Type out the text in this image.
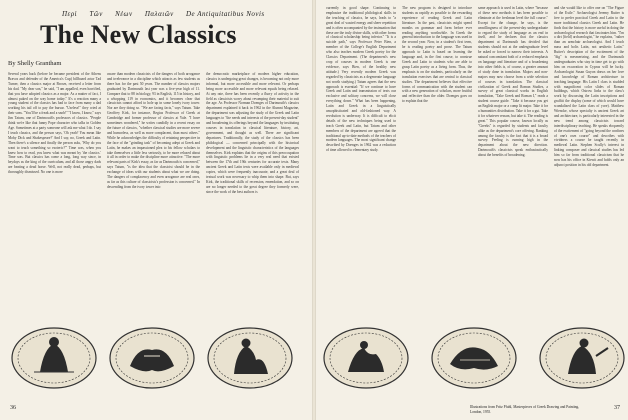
Περὶ Τῶν Νέων Παλαιῶν De Antiquitatibus Novis
The New Classics
By Shelly Grantham

Several years back (before he became president of the Athens Bravos and defender of the America's Cup) billboard actor Tad Turner, then a classics major at Brown, received a letter from his dad. "My dear son," he said, "I am appalled, even horrified, that you have adopted classics as a major. As a matter of fact, I almost puked on the way home today." It's a reaction many a young student of the classics has had to face from many a dad working his tail off to pay the bursar. "Useless!" they cried at their sons. "You'll be a freak and a snob!" "I know, I know," says Jim Tatum, one of Dartmouth's professors of classics. "People think we're like that funny Pope character who talks in Golden Age. Sometimes at a party someone will ask me what I do. I say I teach classics, and the person says, 'Oh yeah? You mean like Moby Dick and Shakespeare?' And I say, no, Greek and Latin. Then there's a silence and finally the person asks, 'Why do you want to teach something so esoteric?'" Time was, when you knew how to read, you knew what was meant by 'the classics.' Time was. But classics has come a long, long way since, in heydays as the king of the curriculum, and all those angry dads are beating a dead horse. Well, not really dead, perhaps, but thoroughly dismissed. No one is more

aware than modern classicists of the dangers of both arrogance and irrelevance in a discipline which attracts as few students as there has for the past 50 years. The number of classics majors graduated by Dartmouth last year was a five-year high of 11. Compare that to 88 in biology, 93 in English, 115 in history, and a whopping 119 in economics, and it becomes clear that classicists cannot afford to hole up in some lonely ivory tower. Nor are they doing so. "We are facing facts," says Tatum. Take Geoffrey Kirk, for instance, Regius Professor of Greek at Cambridge and former professor of classics at Yale. "I have sometimes wondered," he writes candidly in a recent essay on the future of classics, "whether classical studies are more severe and humorless, as well as more complacent, than most others." While he acknowledges the difficulty of retaining perspective in the face of the "grinding task" of becoming adept at Greek and Latin, he makes an impassioned plea to his fellow scholars to take themselves a little less seriously, to be more relaxed about it all in order to make the discipline more attractive. "The more relevant parts of Kirk's essay, as far as Dartmouth is concerned," says Tatum, "is the idea that the classicist should be in the exchange of ideas with our students about what we are doing. The dangers of complacency and even arrogance are real ones, as far as this culture of classicists's profession is concerned." In descending from the ivory tower into

the democratic marketplace of modern higher education, classics is undergoing great changes, is becoming not only more informal, but more accessible and more relevant. Or perhaps being more accessible and more relevant equals being relaxed. At any rate, there has been recently a flurry of activity in the field as classicists worry about revamping their material to suit the age. As Professor Norman Doenges of Dartmouth's classics department explained it back in 1962 in the Alumni Magazine, the department was adjusting the study of the Greek and Latin languages to "the needs and interests of the present-day student" and broadening its offerings beyond the languages by instituting courses in translation in classical literature, history, art, government, and thought as well. There are significant departures. Traditionally, the study of the classics has been philological — concerned principally with the historical development and the linguistic characteristics of the languages themselves. Kirk explains that the origins of this preoccupation with linguistic problems lie in a very real need that existed between the 17th and 19th centuries for accurate texts. Many ancient Greek and Latin texts were available only in medieval copies, which were frequently inaccurate, and a great deal of textual work was necessary to whip them into shape. But, says Kirk, the traditional skills of recension, emendation, and so on are no longer needed to the great degree they formerly were, since the work of the best authors is

36

currently in good shape. Continuing to emphasize the traditional philological skills in the teaching of classics, he says, leads to "a great deal of wasted energy and sheer repetition and is often accompanied by the insinuation that these are the truly divine skills, with other forms of classical scholarship being inferior." "It is a suicide path," says Professor Peter Bien, a member of the College's English Department who also teaches modern Greek poetry for the Classics Department. (The department's new crop of courses in modern Greek is one evidence, says Bien, of the healthy new attitude.) Very recently modern Greek was regarded by classicists as a degenerate language not worth studying.) Tatum agrees that the new approach is essential: "If we continue to have Greek and Latin and transmission of texts our exclusive and solitary concerns, we will close everything down." What has been happening, Latin and Greek in a linguistically unsophisticated and old-fashioned way. A revolution is underway. It is difficult to elicit details of the new techniques being used to teach Greek and Latin, but Tatum and other members of the department are agreed that the traditional up-to-date methods of the teachers of modern languages. The most significant change described by Doenges in 1962 was a reduction of time allowed to elementary study.

The new program is designed to introduce students as rapidly as possible to the rewarding experience of reading Greek and Latin literature. In the past, classicists might spend months on grammar and form before ever reading anything worthwhile. In Greek the general introduction to the language was used in the second year. Now, in a student's first term, he is reading poetry and prose. The Tatum approach to Latin is based on learning the language and, in the first course, to construe Greek and Latin to students who are able to grasp Latin poetry as a living form. Thus, the emphasis is on the students, particularly on the translation exercises that are central to classical studies. The department believes that effective forms of communication with the student can with a new generation of scholars, more fruitful and reflective than the older. Doenges goes on to explain that the

same approach is used in Latin, where "because of these new methods it has been possible to eliminate at the freshman level the full course." Except for the change, he says, is the unwillingness of the present-day undergraduate to regard the study of language as an end in itself, and he declares that the classics department at Dartmouth has decided that students should not at the undergraduate level be asked or forced to narrow their interests. A natural concomitant both of a reduced emphasis on language and literature and of a broadening into other fields is, of course, a greater amount of study done in translation. Majors and non-majors may now choose from a wide selection of courses in translation. The classical civilization of Greek and Roman Studies, a survey of great classical works in English translation, "Take Greek and Roman I," reads a student course guide. "Take it because you get an English major or a comp lit major. Take it for a humanities distribution. Take it for a gut. Take it for whatever reason, but take it. The reading is great." This popular course, known locally as "Greeks" is regarded by students and faculty alike as the department's core offering. Ranking among the faculty is the fact that it is a broad survey. Feeling is running high in the department about the new direction. Dartmouth's classicists speak enthusiastically about the benefits of broadening.

and she would like to offer one on "The Figure of the Exile." Archaeologist Jeremy Rutter is free to prefer practical Greek and Latin to the more traditional classics Greek and Latin. He finds that the history is more useful in doing the archaeological research that fascinates him. "I'm a dirt [field] archaeologist," he explains, "rather than an armchair archaeologist. And I teach mass and bolts Latin, not aesthetic Latin." Rutter's description of the excitement of the "dig" is mesmerizing, and the Dartmouth undergraduates who stay in time get to go with him on excavation in Cyprus will be lucky. Archaeologist Susan Guyon draws on her love and knowledge of Roman architecture in teaching language. His Latin I class is studded with magnificent color slides of Roman buildings, which Ostrow links to the class's work by discussing the Latin inscriptions and graffiti the display (some of which would have scandalized the Latin class of yore). Matthew Wiencke, whose specialty is ancient Greek art and architecture, is particularly interested in the new trend among classicists toward interdisciplinary teaching. He speaks eloquently of the excitement of "going beyond the confines of one's own course" and describes with vividness a course he taught recently in medieval Latin. Stephen Scully's interest in linking composer and classical studies has led him so far from traditional classicism that he now has his office in Kiewit and holds only an adjunct position in his old department.

Illustrations from Fritz Pfuhl, Masterpieces of Greek Drawing and Painting, London, 1955.
37
